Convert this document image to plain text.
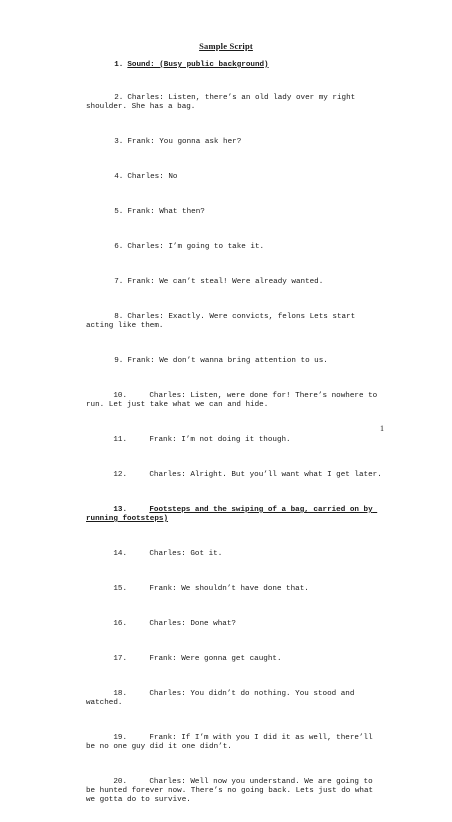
Sample Script

1. Sound: (Busy public background)

2. Charles: Listen, there’s an old lady over my right shoulder. She has a bag.

3. Frank: You gonna ask her?

4. Charles: No

5. Frank: What then?

6. Charles: I’m going to take it.

7. Frank: We can’t steal! Were already wanted.

8. Charles: Exactly. Were convicts, felons Lets start acting like them.

9. Frank: We don’t wanna bring attention to us.

10.	Charles: Listen, were done for! There’s nowhere to run. Let just take what we can and hide.

11.	Frank: I’m not doing it though.

12.	Charles: Alright. But you’ll want what I get later.

13.	Footsteps and the swiping of a bag, carried on by running footsteps)

14.	Charles: Got it.

15.	Frank: We shouldn’t have done that.

16.	Charles: Done what?

17.	Frank: Were gonna get caught.

18.	Charles: You didn’t do nothing. You stood and watched.

19.	Frank: If I’m with you I did it as well, there’ll be no one guy did it one didn’t.

20.	Charles: Well now you understand. We are going to be hunted forever now. There’s no going back. Lets just do what we gotta do to survive.

1
